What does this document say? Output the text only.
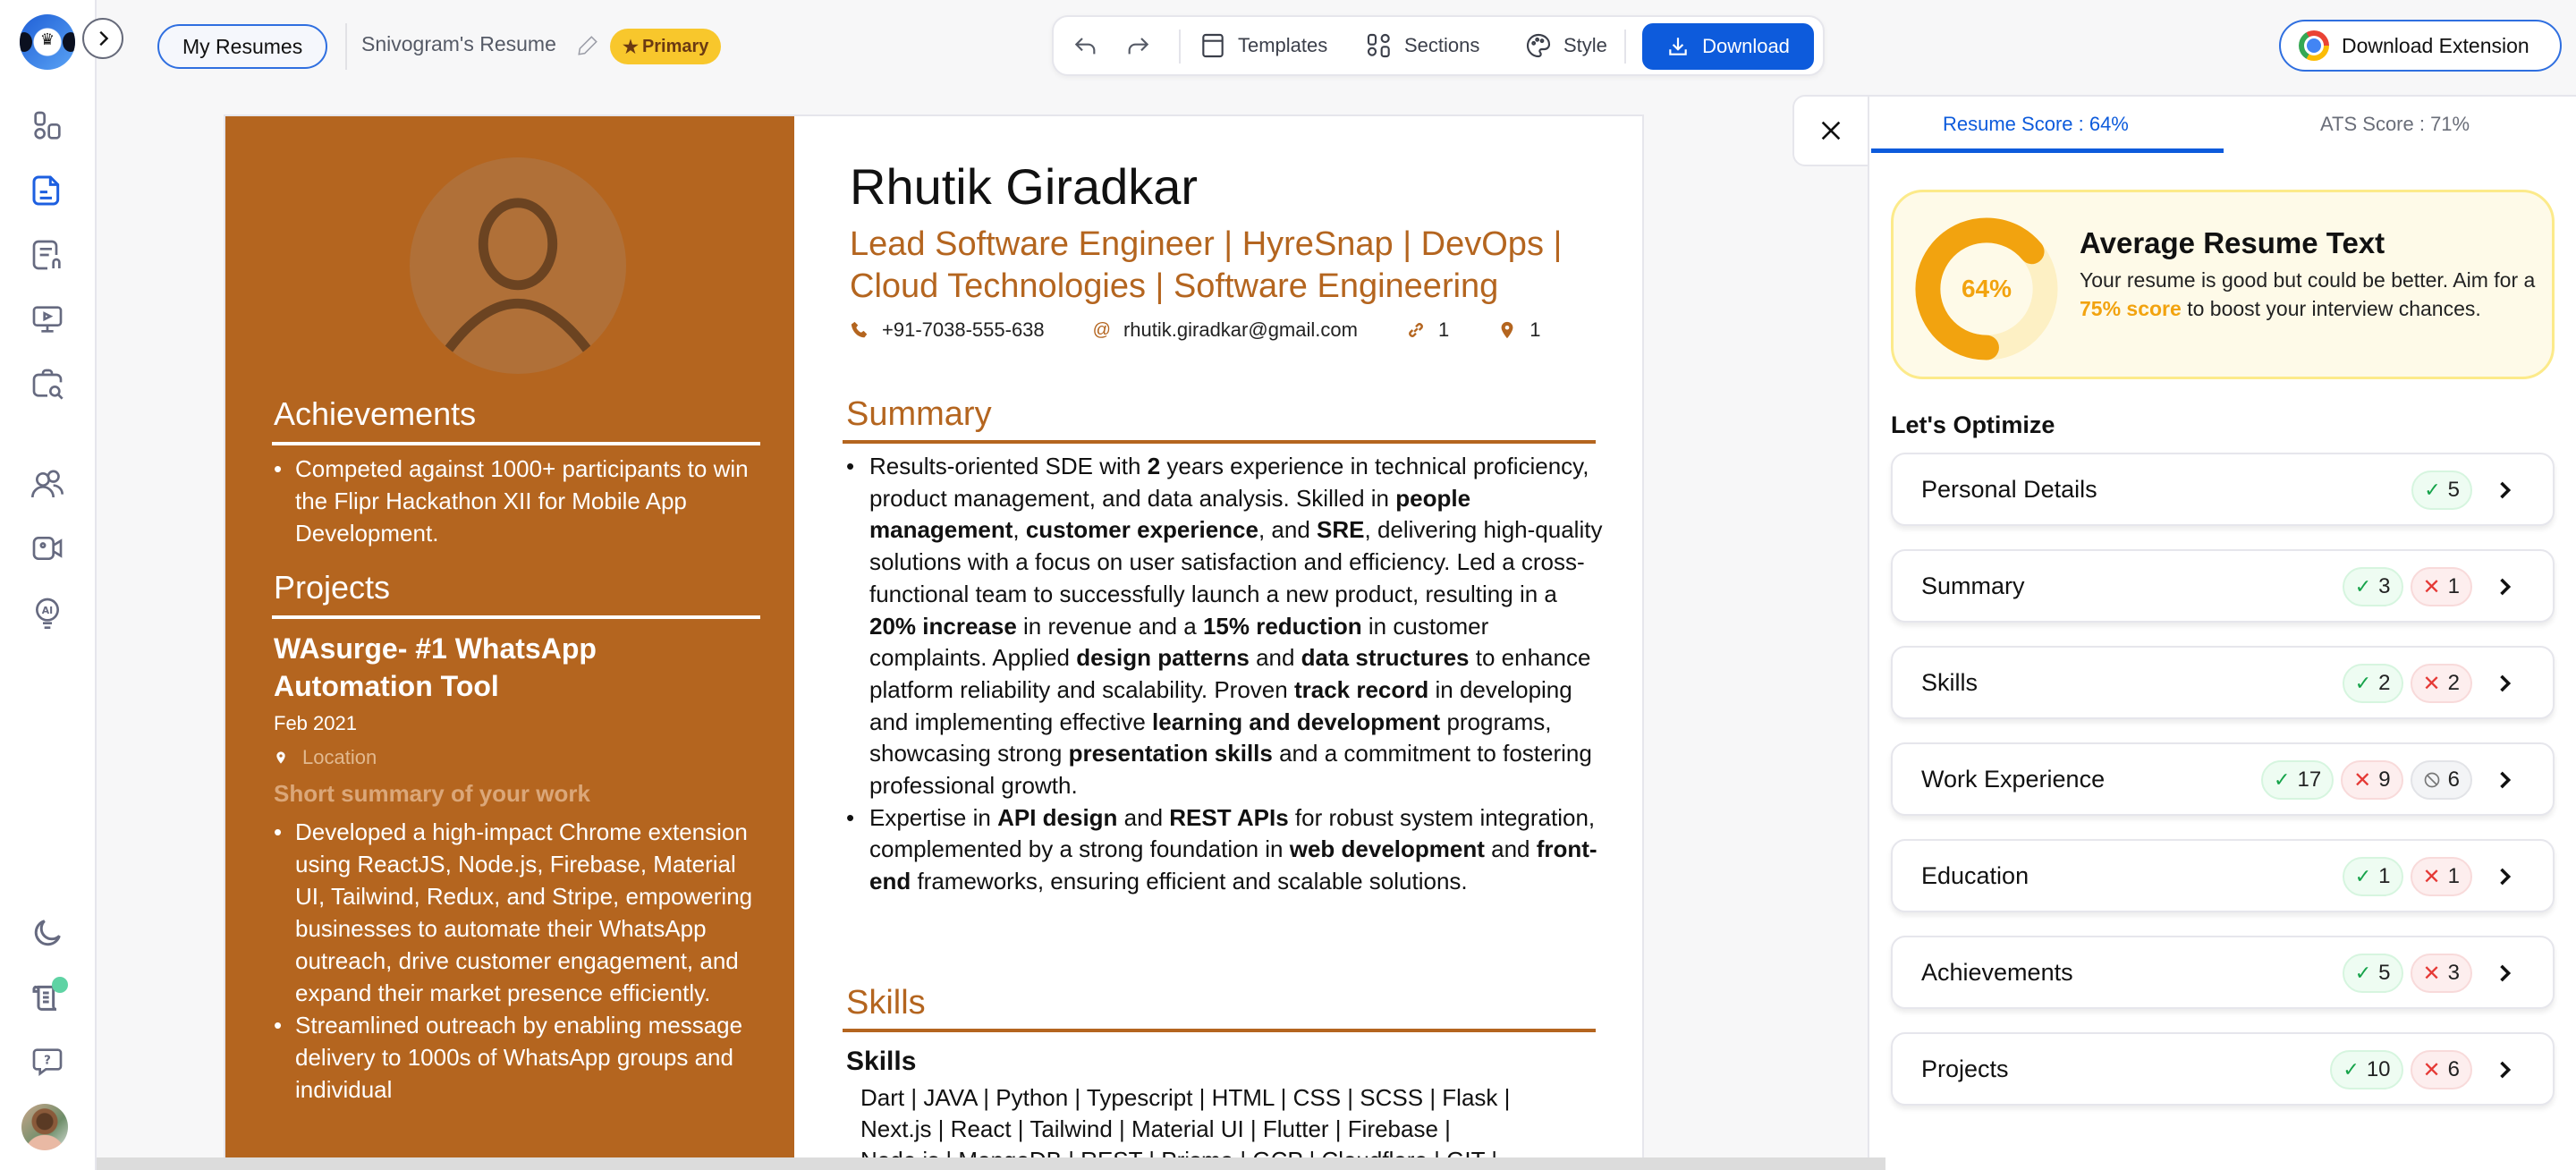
♛
AI
?
My Resumes	Snivogram's Resume	★ Primary	Templates	Sections	Style	Download	Download Extension
Achievements
• Competed against 1000+ participants to win the Flipr Hackathon XII for Mobile App Development.
Projects
WAsurge- #1 WhatsApp Automation Tool
Feb 2021
Location
Short summary of your work
• Developed a high-impact Chrome extension using ReactJS, Node.js, Firebase, Material UI, Tailwind, Redux, and Stripe, empowering businesses to automate their WhatsApp outreach, drive customer engagement, and expand their market presence efficiently.
• Streamlined outreach by enabling message delivery to 1000s of WhatsApp groups and individual
Rhutik Giradkar
Lead Software Engineer | HyreSnap | DevOps | Cloud Technologies | Software Engineering
+91-7038-555-638	@ rhutik.giradkar@gmail.com	1	1
Summary
• Results-oriented SDE with 2 years experience in technical proficiency, product management, and data analysis. Skilled in people management, customer experience, and SRE, delivering high-quality solutions with a focus on user satisfaction and efficiency. Led a cross-functional team to successfully launch a new product, resulting in a 20% increase in revenue and a 15% reduction in customer complaints. Applied design patterns and data structures to enhance platform reliability and scalability. Proven track record in developing and implementing effective learning and development programs, showcasing strong presentation skills and a commitment to fostering professional growth.
• Expertise in API design and REST APIs for robust system integration, complemented by a strong foundation in web development and front-end frameworks, ensuring efficient and scalable solutions.
Skills
Skills
Dart | JAVA | Python | Typescript | HTML | CSS | SCSS | Flask |
Next.js | React | Tailwind | Material UI | Flutter | Firebase |
Resume Score : 64%	ATS Score : 71%
64%
Average Resume Text
Your resume is good but could be better. Aim for a 75% score to boost your interview chances.
Let's Optimize
Personal Details	✓ 5
Summary	✓ 3	✕ 1
Skills	✓ 2	✕ 2
Work Experience	✓ 17	✕ 9	6
Education	✓ 1	✕ 1
Achievements	✓ 5	✕ 3
Projects	✓ 10	✕ 6
